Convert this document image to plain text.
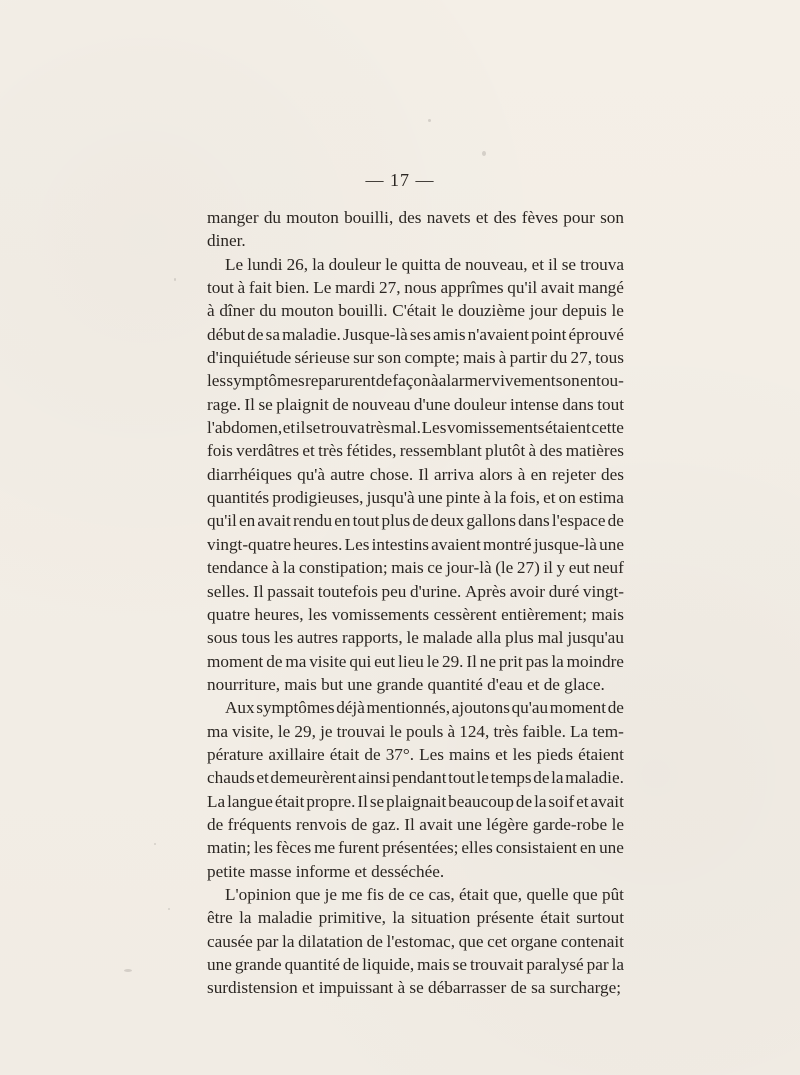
— 17 —
manger du mouton bouilli, des navets et des fèves pour son
diner.
Le lundi 26, la douleur le quitta de nouveau, et il se trouva
tout à fait bien. Le mardi 27, nous apprîmes qu'il avait mangé
à dîner du mouton bouilli. C'était le douzième jour depuis le
début de sa maladie. Jusque-là ses amis n'avaient point éprouvé
d'inquiétude sérieuse sur son compte; mais à partir du 27, tous
les symptômes reparurent de façon à alarmer vivement son entou-
rage. Il se plaignit de nouveau d'une douleur intense dans tout
l'abdomen, et il se trouva très mal. Les vomissements étaient cette
fois verdâtres et très fétides, ressemblant plutôt à des matières
diarrhéiques qu'à autre chose. Il arriva alors à en rejeter des
quantités prodigieuses, jusqu'à une pinte à la fois, et on estima
qu'il en avait rendu en tout plus de deux gallons dans l'espace de
vingt-quatre heures. Les intestins avaient montré jusque-là une
tendance à la constipation; mais ce jour-là (le 27) il y eut neuf
selles. Il passait toutefois peu d'urine. Après avoir duré vingt-
quatre heures, les vomissements cessèrent entièrement; mais
sous tous les autres rapports, le malade alla plus mal jusqu'au
moment de ma visite qui eut lieu le 29. Il ne prit pas la moindre
nourriture, mais but une grande quantité d'eau et de glace.
Aux symptômes déjà mentionnés, ajoutons qu'au moment de
ma visite, le 29, je trouvai le pouls à 124, très faible. La tem-
pérature axillaire était de 37°. Les mains et les pieds étaient
chauds et demeurèrent ainsi pendant tout le temps de la maladie.
La langue était propre. Il se plaignait beaucoup de la soif et avait
de fréquents renvois de gaz. Il avait une légère garde-robe le
matin; les fèces me furent présentées; elles consistaient en une
petite masse informe et desséchée.
L'opinion que je me fis de ce cas, était que, quelle que pût
être la maladie primitive, la situation présente était surtout
causée par la dilatation de l'estomac, que cet organe contenait
une grande quantité de liquide, mais se trouvait paralysé par la
surdistension et impuissant à se débarrasser de sa surcharge;
